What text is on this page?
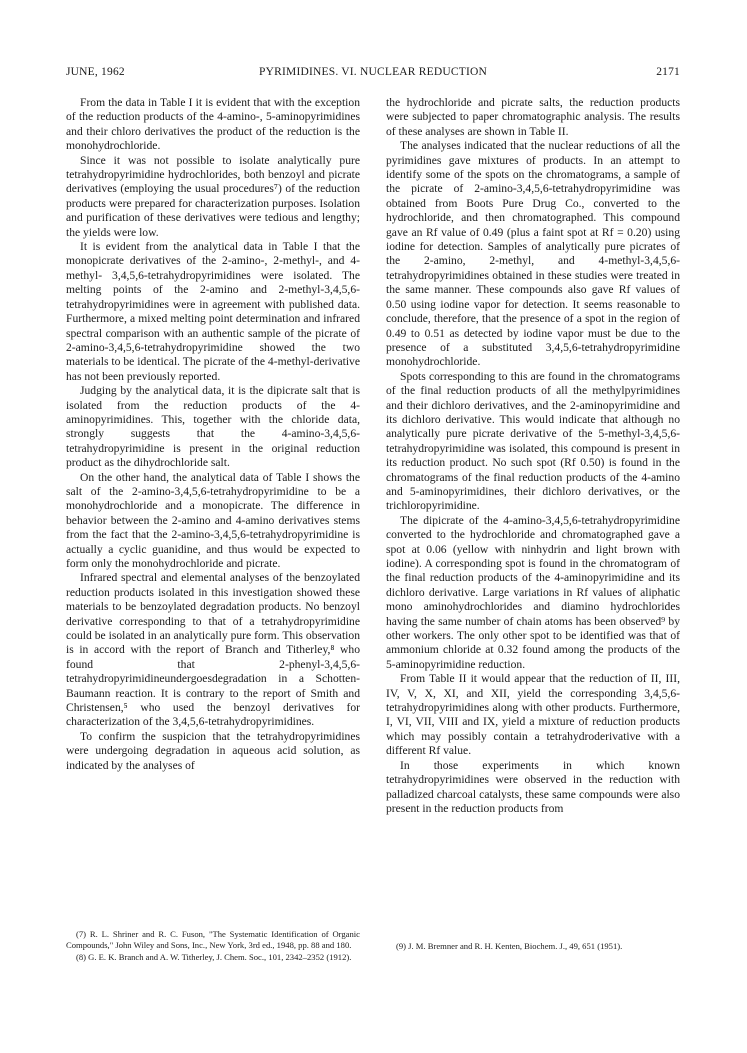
JUNE, 1962	PYRIMIDINES. VI. NUCLEAR REDUCTION	2171

From the data in Table I it is evident that with the exception of the reduction products of the 4-amino-, 5-aminopyrimidines and their chloro derivatives the product of the reduction is the monohydrochloride.

Since it was not possible to isolate analytically pure tetrahydropyrimidine hydrochlorides, both benzoyl and picrate derivatives (employing the usual procedures⁷) of the reduction products were prepared for characterization purposes. Isolation and purification of these derivatives were tedious and lengthy; the yields were low.

It is evident from the analytical data in Table I that the monopicrate derivatives of the 2-amino-, 2-methyl-, and 4-methyl- 3,4,5,6-tetrahydropyrimidines were isolated. The melting points of the 2-amino and 2-methyl-3,4,5,6-tetrahydropyrimidines were in agreement with published data. Furthermore, a mixed melting point determination and infrared spectral comparison with an authentic sample of the picrate of 2-amino-3,4,5,6-tetrahydropyrimidine showed the two materials to be identical. The picrate of the 4-methyl-derivative has not been previously reported.

Judging by the analytical data, it is the dipicrate salt that is isolated from the reduction products of the 4-aminopyrimidines. This, together with the chloride data, strongly suggests that the 4-amino-3,4,5,6-tetrahydropyrimidine is present in the original reduction product as the dihydrochloride salt.

On the other hand, the analytical data of Table I shows the salt of the 2-amino-3,4,5,6-tetrahydropyrimidine to be a monohydrochloride and a monopicrate. The difference in behavior between the 2-amino and 4-amino derivatives stems from the fact that the 2-amino-3,4,5,6-tetrahydropyrimidine is actually a cyclic guanidine, and thus would be expected to form only the monohydrochloride and picrate.

Infrared spectral and elemental analyses of the benzoylated reduction products isolated in this investigation showed these materials to be benzoylated degradation products. No benzoyl derivative corresponding to that of a tetrahydropyrimidine could be isolated in an analytically pure form. This observation is in accord with the report of Branch and Titherley,⁸ who found that 2-phenyl-3,4,5,6-tetrahydropyrimidineundergoesdegradation in a Schotten-Baumann reaction. It is contrary to the report of Smith and Christensen,⁵ who used the benzoyl derivatives for characterization of the 3,4,5,6-tetrahydropyrimidines.

To confirm the suspicion that the tetrahydropyrimidines were undergoing degradation in aqueous acid solution, as indicated by the analyses of

the hydrochloride and picrate salts, the reduction products were subjected to paper chromatographic analysis. The results of these analyses are shown in Table II.

The analyses indicated that the nuclear reductions of all the pyrimidines gave mixtures of products. In an attempt to identify some of the spots on the chromatograms, a sample of the picrate of 2-amino-3,4,5,6-tetrahydropyrimidine was obtained from Boots Pure Drug Co., converted to the hydrochloride, and then chromatographed. This compound gave an Rf value of 0.49 (plus a faint spot at Rf = 0.20) using iodine for detection. Samples of analytically pure picrates of the 2-amino, 2-methyl, and 4-methyl-3,4,5,6-tetrahydropyrimidines obtained in these studies were treated in the same manner. These compounds also gave Rf values of 0.50 using iodine vapor for detection. It seems reasonable to conclude, therefore, that the presence of a spot in the region of 0.49 to 0.51 as detected by iodine vapor must be due to the presence of a substituted 3,4,5,6-tetrahydropyrimidine monohydrochloride.

Spots corresponding to this are found in the chromatograms of the final reduction products of all the methylpyrimidines and their dichloro derivatives, and the 2-aminopyrimidine and its dichloro derivative. This would indicate that although no analytically pure picrate derivative of the 5-methyl-3,4,5,6-tetrahydropyrimidine was isolated, this compound is present in its reduction product. No such spot (Rf 0.50) is found in the chromatograms of the final reduction products of the 4-amino and 5-aminopyrimidines, their dichloro derivatives, or the trichloropyrimidine.

The dipicrate of the 4-amino-3,4,5,6-tetrahydropyrimidine converted to the hydrochloride and chromatographed gave a spot at 0.06 (yellow with ninhydrin and light brown with iodine). A corresponding spot is found in the chromatogram of the final reduction products of the 4-aminopyrimidine and its dichloro derivative. Large variations in Rf values of aliphatic mono aminohydrochlorides and diamino hydrochlorides having the same number of chain atoms has been observed⁹ by other workers. The only other spot to be identified was that of ammonium chloride at 0.32 found among the products of the 5-aminopyrimidine reduction.

From Table II it would appear that the reduction of II, III, IV, V, X, XI, and XII, yield the corresponding 3,4,5,6-tetrahydropyrimidines along with other products. Furthermore, I, VI, VII, VIII and IX, yield a mixture of reduction products which may possibly contain a tetrahydroderivative with a different Rf value.

In those experiments in which known tetrahydropyrimidines were observed in the reduction with palladized charcoal catalysts, these same compounds were also present in the reduction products from

(7) R. L. Shriner and R. C. Fuson, "The Systematic Identification of Organic Compounds," John Wiley and Sons, Inc., New York, 3rd ed., 1948, pp. 88 and 180.

(8) G. E. K. Branch and A. W. Titherley, J. Chem. Soc., 101, 2342–2352 (1912).

(9) J. M. Bremner and R. H. Kenten, Biochem. J., 49, 651 (1951).
